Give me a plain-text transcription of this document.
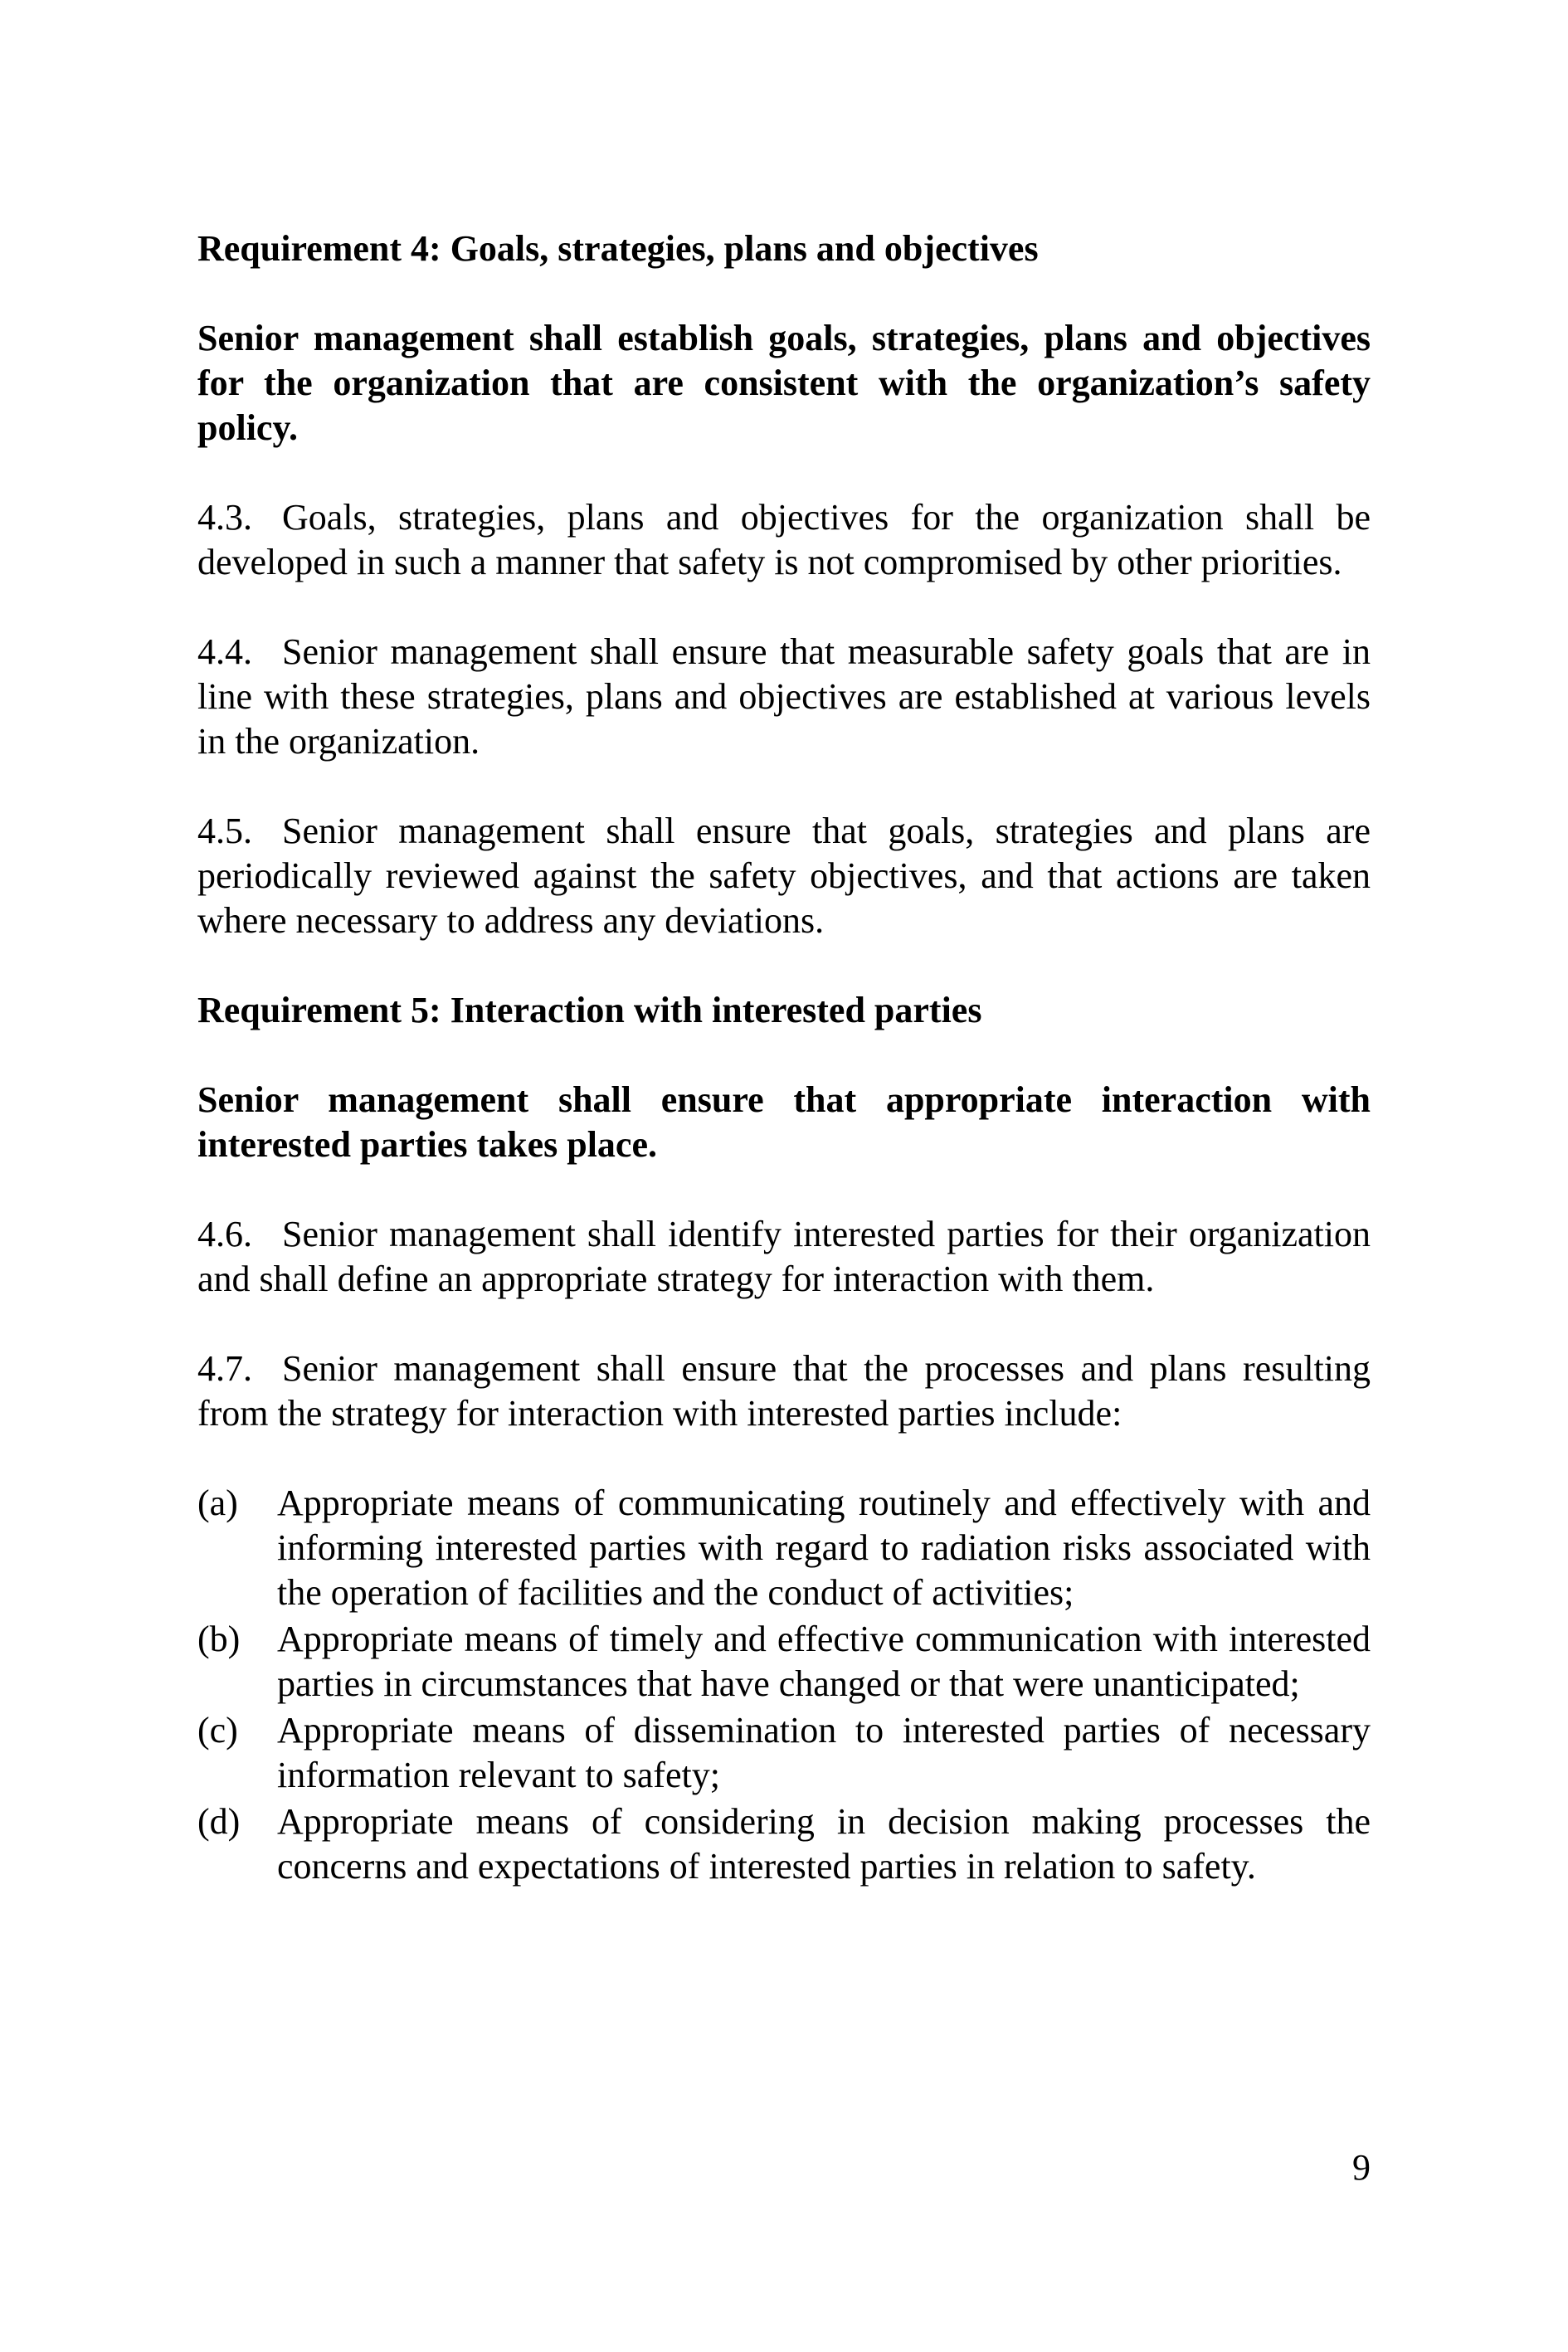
Requirement 4: Goals, strategies, plans and objectives

Senior management shall establish goals, strategies, plans and objectives for the organization that are consistent with the organization’s safety policy.

4.3. Goals, strategies, plans and objectives for the organization shall be developed in such a manner that safety is not compromised by other priorities.

4.4. Senior management shall ensure that measurable safety goals that are in line with these strategies, plans and objectives are established at various levels in the organization.

4.5. Senior management shall ensure that goals, strategies and plans are periodically reviewed against the safety objectives, and that actions are taken where necessary to address any deviations.

Requirement 5: Interaction with interested parties

Senior management shall ensure that appropriate interaction with interested parties takes place.

4.6. Senior management shall identify interested parties for their organization and shall define an appropriate strategy for interaction with them.

4.7. Senior management shall ensure that the processes and plans resulting from the strategy for interaction with interested parties include:

(a) Appropriate means of communicating routinely and effectively with and informing interested parties with regard to radiation risks associated with the operation of facilities and the conduct of activities;
(b) Appropriate means of timely and effective communication with interested parties in circumstances that have changed or that were unanticipated;
(c) Appropriate means of dissemination to interested parties of necessary information relevant to safety;
(d) Appropriate means of considering in decision making processes the concerns and expectations of interested parties in relation to safety.
9
